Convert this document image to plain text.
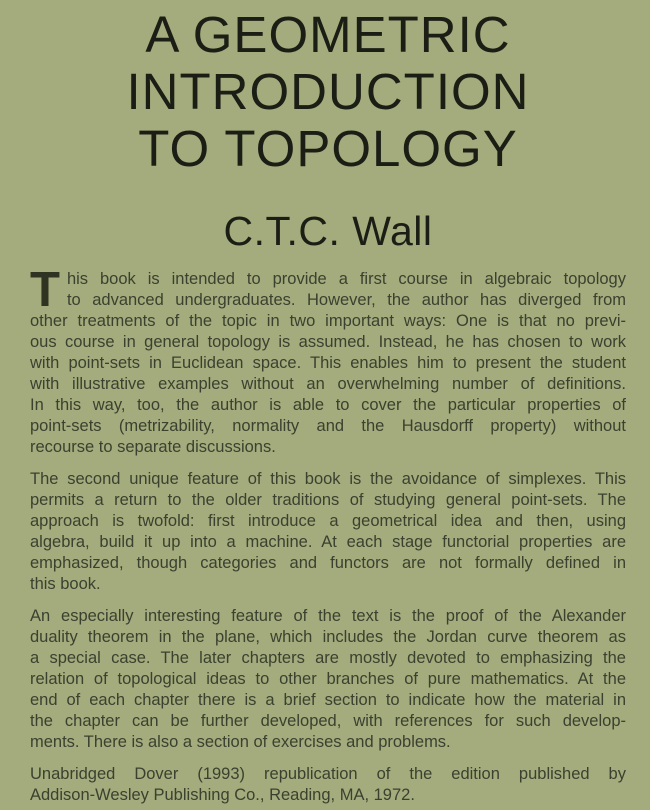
A GEOMETRIC
INTRODUCTION
TO TOPOLOGY
C.T.C. Wall
T his book is intended to provide a first course in algebraic topology
to advanced undergraduates. However, the author has diverged from
other treatments of the topic in two important ways: One is that no previ-
ous course in general topology is assumed. Instead, he has chosen to work
with point-sets in Euclidean space. This enables him to present the student
with illustrative examples without an overwhelming number of definitions.
In this way, too, the author is able to cover the particular properties of
point-sets (metrizability, normality and the Hausdorff property) without
recourse to separate discussions.
The second unique feature of this book is the avoidance of simplexes. This
permits a return to the older traditions of studying general point-sets. The
approach is twofold: first introduce a geometrical idea and then, using
algebra, build it up into a machine. At each stage functorial properties are
emphasized, though categories and functors are not formally defined in
this book.
An especially interesting feature of the text is the proof of the Alexander
duality theorem in the plane, which includes the Jordan curve theorem as
a special case. The later chapters are mostly devoted to emphasizing the
relation of topological ideas to other branches of pure mathematics. At the
end of each chapter there is a brief section to indicate how the material in
the chapter can be further developed, with references for such develop-
ments. There is also a section of exercises and problems.
Unabridged Dover (1993) republication of the edition published by
Addison-Wesley Publishing Co., Reading, MA, 1972.
